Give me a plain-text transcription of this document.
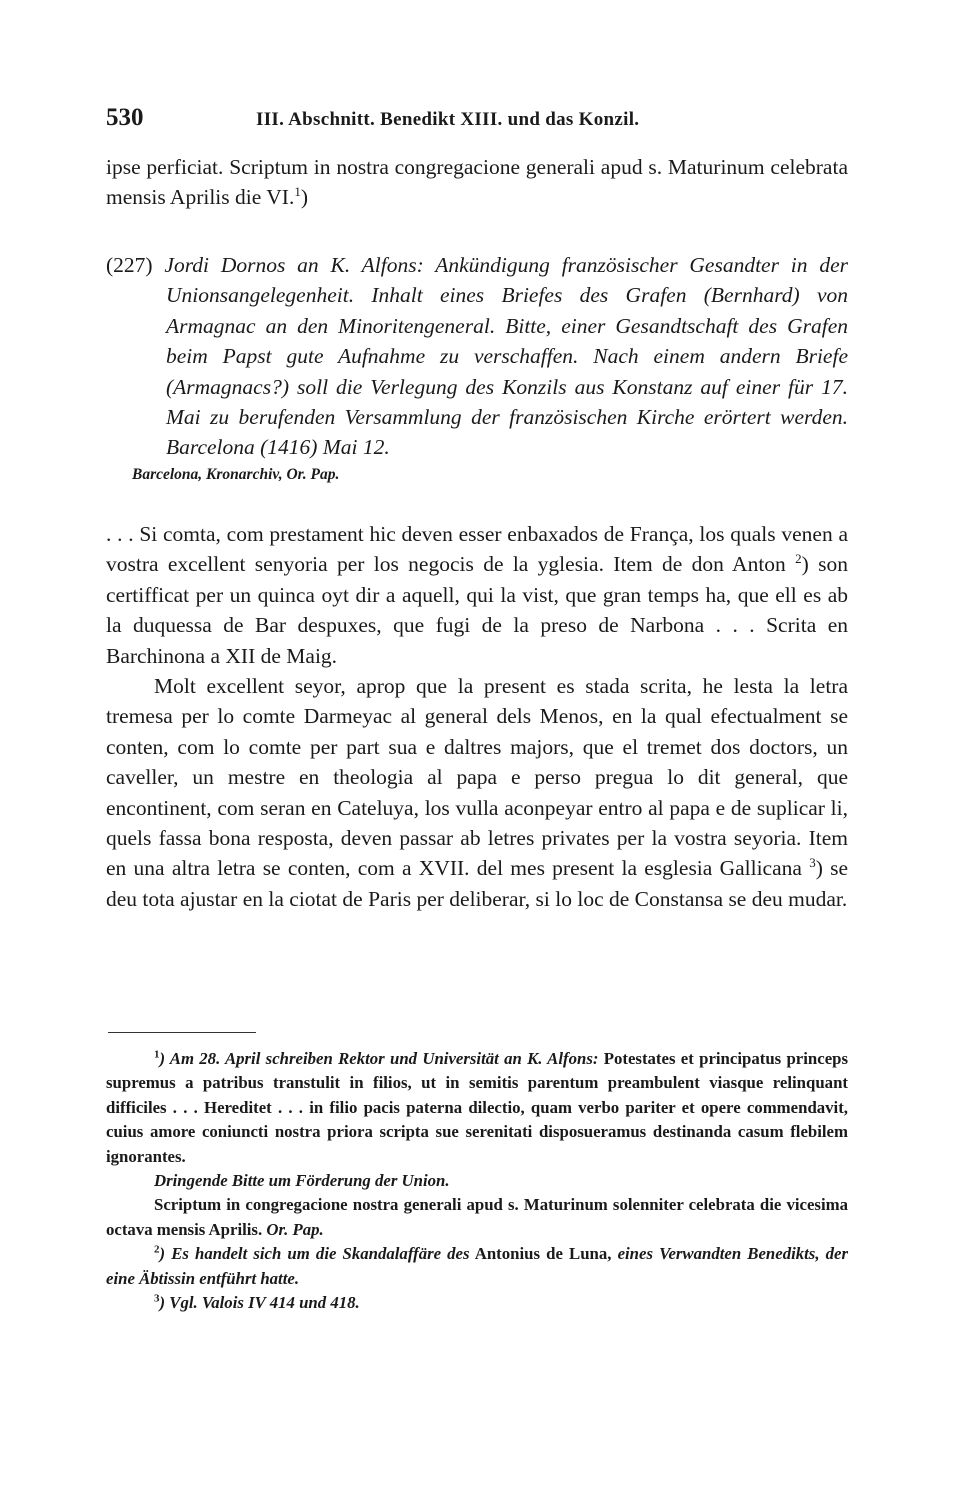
530	III. Abschnitt. Benedikt XIII. und das Konzil.

ipse perficiat. Scriptum in nostra congregacione generali apud s. Maturinum celebrata mensis Aprilis die VI.$^1$)

(227) Jordi Dornos an K. Alfons: Ankündigung französischer Gesandter in der Unionsangelegenheit. Inhalt eines Briefes des Grafen (Bernhard) von Armagnac an den Minoritengeneral. Bitte, einer Gesandtschaft des Grafen beim Papst gute Aufnahme zu verschaffen. Nach einem andern Briefe (Armagnacs?) soll die Verlegung des Konzils aus Konstanz auf einer für 17. Mai zu berufenden Versammlung der französischen Kirche erörtert werden. Barcelona (1416) Mai 12.

Barcelona, Kronarchiv, Or. Pap.

. . . Si comta, com prestament hic deven esser enbaxados de França, los quals venen a vostra excellent senyoria per los negocis de la yglesia. Item de don Anton $^2$) son certifficat per un quinca oyt dir a aquell, qui la vist, que gran temps ha, que ell es ab la duquessa de Bar despuxes, que fugi de la preso de Narbona . . . Scrita en Barchinona a XII de Maig.

Molt excellent seyor, aprop que la present es stada scrita, he lesta la letra tremesa per lo comte Darmeyac al general dels Menos, en la qual efectualment se conten, com lo comte per part sua e daltres majors, que el tremet dos doctors, un caveller, un mestre en theologia al papa e perso pregua lo dit general, que encontinent, com seran en Cateluya, los vulla aconpeyar entro al papa e de suplicar li, quels fassa bona resposta, deven passar ab letres privates per la vostra seyoria. Item en una altra letra se conten, com a XVII. del mes present la esglesia Gallicana $^3$) se deu tota ajustar en la ciotat de Paris per deliberar, si lo loc de Constansa se deu mudar.

$^1$) Am 28. April schreiben Rektor und Universität an K. Alfons: Potestates et principatus princeps supremus a patribus transtulit in filios, ut in semitis parentum preambulent viasque relinquant difficiles . . . Hereditet . . . in filio pacis paterna dilectio, quam verbo pariter et opere commendavit, cuius amore coniuncti nostra priora scripta sue serenitati disposueramus destinanda casum flebilem ignorantes.

Dringende Bitte um Förderung der Union.

Scriptum in congregacione nostra generali apud s. Maturinum solenniter celebrata die vicesima octava mensis Aprilis. Or. Pap.

$^2$) Es handelt sich um die Skandalaffäre des Antonius de Luna, eines Verwandten Benedikts, der eine Äbtissin entführt hatte.

$^3$) Vgl. Valois IV 414 und 418.
